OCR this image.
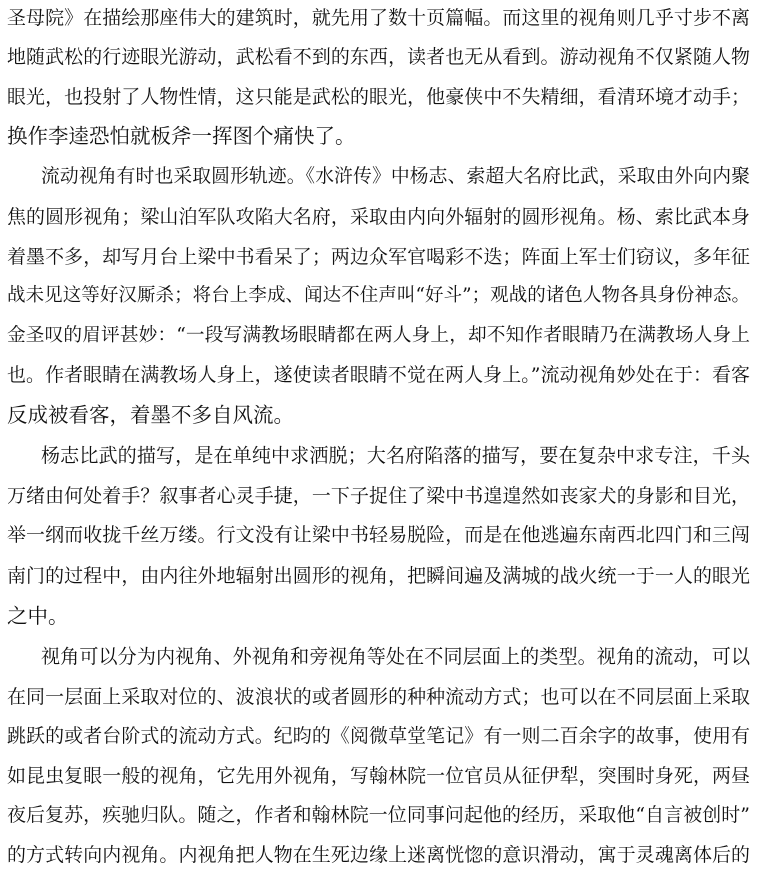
圣母院》在描绘那座伟大的建筑时，就先用了数十页篇幅。而这里的视角则几乎寸步不离
地随武松的行迹眼光游动，武松看不到的东西，读者也无从看到。游动视角不仅紧随人物
眼光，也投射了人物性情，这只能是武松的眼光，他豪侠中不失精细，看清环境才动手；
换作李逵恐怕就板斧一挥图个痛快了。
流动视角有时也采取圆形轨迹。《水浒传》中杨志、索超大名府比武，采取由外向内聚
焦的圆形视角；梁山泊军队攻陷大名府，采取由内向外辐射的圆形视角。杨、索比武本身
着墨不多，却写月台上梁中书看呆了；两边众军官喝彩不迭；阵面上军士们窃议，多年征
战未见这等好汉厮杀；将台上李成、闻达不住声叫“好斗”；观战的诸色人物各具身份神态。
金圣叹的眉评甚妙：“一段写满教场眼睛都在两人身上，却不知作者眼睛乃在满教场人身上
也。作者眼睛在满教场人身上，遂使读者眼睛不觉在两人身上。”流动视角妙处在于：看客
反成被看客，着墨不多自风流。
杨志比武的描写，是在单纯中求洒脱；大名府陷落的描写，要在复杂中求专注，千头
万绪由何处着手？叙事者心灵手捷，一下子捉住了梁中书遑遑然如丧家犬的身影和目光，
举一纲而收拢千丝万缕。行文没有让梁中书轻易脱险，而是在他逃遍东南西北四门和三闯
南门的过程中，由内往外地辐射出圆形的视角，把瞬间遍及满城的战火统一于一人的眼光
之中。
视角可以分为内视角、外视角和旁视角等处在不同层面上的类型。视角的流动，可以
在同一层面上采取对位的、波浪状的或者圆形的种种流动方式；也可以在不同层面上采取
跳跃的或者台阶式的流动方式。纪昀的《阅微草堂笔记》有一则二百余字的故事，使用有
如昆虫复眼一般的视角，它先用外视角，写翰林院一位官员从征伊犁，突围时身死，两昼
夜后复苏，疾驰归队。随之，作者和翰林院一位同事问起他的经历，采取他“自言被创时”
的方式转向内视角。内视角把人物在生死边缘上迷离恍惚的意识滑动，寓于灵魂离体后的
